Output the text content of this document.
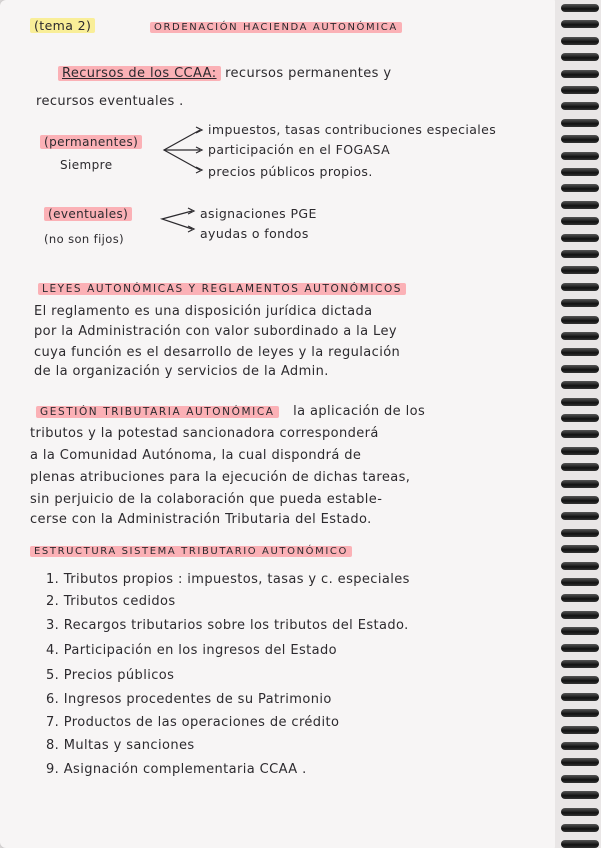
(tema 2)	ORDENACIÓN HACIENDA AUTONÓMICA
Recursos de los CCAA: recursos permanentes y
recursos eventuales .
(permanentes)
Siempre
impuestos, tasas contribuciones especiales
participación en el FOGASA
precios públicos propios.
(eventuales)
(no son fijos)
asignaciones PGE
ayudas o fondos
LEYES AUTONÓMICAS Y REGLAMENTOS AUTONÓMICOS
El reglamento es una disposición jurídica dictada
por la Administración con valor subordinado a la Ley
cuya función es el desarrollo de leyes y la regulación
de la organización y servicios de la Admin.
GESTIÓN TRIBUTARIA AUTONÓMICA la aplicación de los
tributos y la potestad sancionadora corresponderá
a la Comunidad Autónoma, la cual dispondrá de
plenas atribuciones para la ejecución de dichas tareas,
sin perjuicio de la colaboración que pueda estable-
cerse con la Administración Tributaria del Estado.
ESTRUCTURA SISTEMA TRIBUTARIO AUTONÓMICO
1. Tributos propios : impuestos, tasas y c. especiales
2. Tributos cedidos
3. Recargos tributarios sobre los tributos del Estado.
4. Participación en los ingresos del Estado
5. Precios públicos
6. Ingresos procedentes de su Patrimonio
7. Productos de las operaciones de crédito
8. Multas y sanciones
9. Asignación complementaria CCAA .
